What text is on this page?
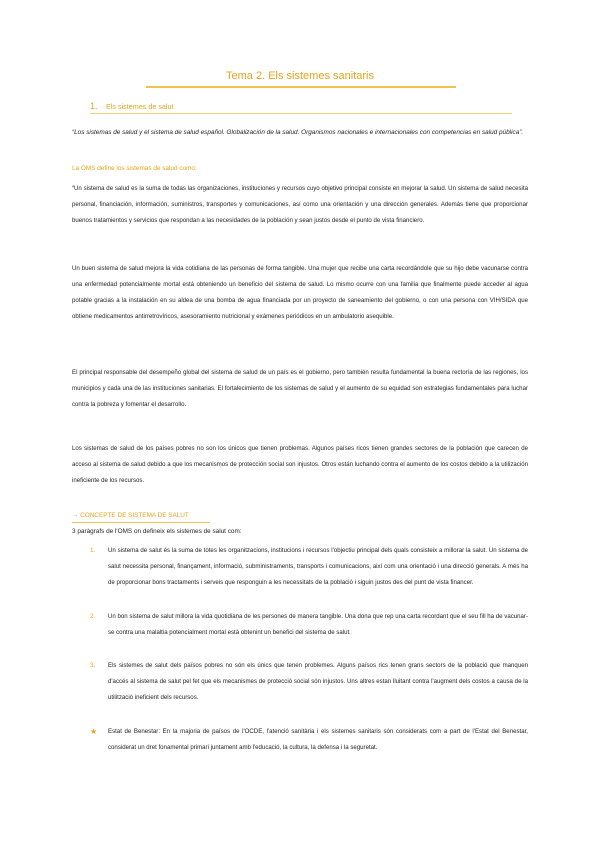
Tema 2. Els sistemes sanitaris
1. Els sistemes de salut
“Los sistemas de salud y el sistema de salud español. Globalización de la salud. Organismos nacionales e internacionales con competencias en salud pública”.
La OMS define los sistemas de salud como:
“Un sistema de salud es la suma de todas las organizaciones, instituciones y recursos cuyo objetivo principal consiste en mejorar la salud. Un sistema de salud necesita personal, financiación, información, suministros, transportes y comunicaciones, así como una orientación y una dirección generales. Además tiene que proporcionar buenos tratamientos y servicios que respondan a las necesidades de la población y sean justos desde el punto de vista financiero.
Un buen sistema de salud mejora la vida cotidiana de las personas de forma tangible. Una mujer que recibe una carta recordándole que su hijo debe vacunarse contra una enfermedad potencialmente mortal está obteniendo un beneficio del sistema de salud. Lo mismo ocurre con una familia que finalmente puede acceder al agua potable gracias a la instalación en su aldea de una bomba de agua financiada por un proyecto de saneamiento del gobierno, o con una persona con VIH/SIDA que obtiene medicamentos antirretrovíricos, asesoramiento nutricional y exámenes periódicos en un ambulatorio asequible.
El principal responsable del desempeño global del sistema de salud de un país es el gobierno, pero también resulta fundamental la buena rectoría de las regiones, los municipios y cada una de las instituciones sanitarias. El fortalecimiento de los sistemas de salud y el aumento de su equidad son estrategias fundamentales para luchar contra la pobreza y fomentar el desarrollo.
Los sistemas de salud de los países pobres no son los únicos que tienen problemas. Algunos países ricos tienen grandes sectores de la población que carecen de acceso al sistema de salud debido a que los mecanismos de protección social son injustos. Otros están luchando contra el aumento de los costos debido a la utilización ineficiente de los recursos.
→ CONCEPTE DE SISTEMA DE SALUT
3 paràgrafs de l'OMS on defineix els sistemes de salut com:
1. Un sistema de salut és la suma de totes les organitzacions, institucions i recursos l'objectiu principal dels quals consisteix a millorar la salut. Un sistema de salut necessita personal, finançament, informació, subministraments, transports i comunicacions, així com una orientació i una direcció generals. A més ha de proporcionar bons tractaments i serveis que responguin a les necessitats de la població i siguin justos des del punt de vista financer.
2. Un bon sistema de salut millora la vida quotidiana de les persones de manera tangible. Una dona que rep una carta recordant que el seu fill ha de vacunar-se contra una malaltia potencialment mortal està obtenint un benefici del sistema de salut.
3. Els sistemes de salut dels països pobres no són els únics que tenen problemes. Alguns països rics tenen grans sectors de la població que manquen d'accés al sistema de salut pel fet que els mecanismes de protecció social són injustos. Uns altres estan lluitant contra l'augment dels costos a causa de la utilització ineficient dels recursos.
★ Estat de Benestar: En la majoria de països de l'OCDE, l'atenció sanitària i els sistemes sanitaris són considerats com a part de l'Estat del Benestar, considerat un dret fonamental primari juntament amb l'educació, la cultura, la defensa i la seguretat.
